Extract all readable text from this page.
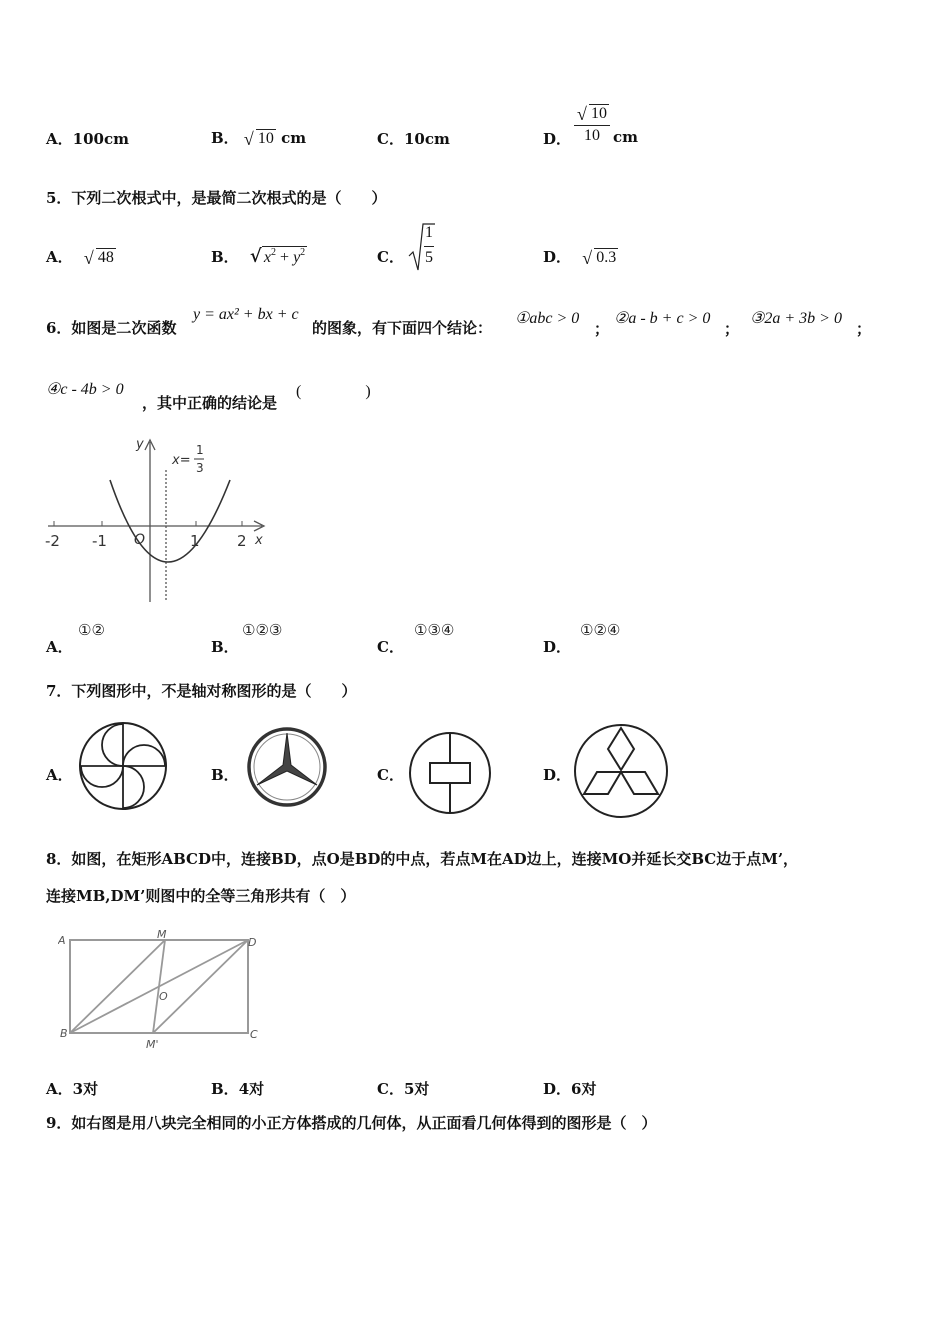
A．100cm	B． √ 10 cm	C．10cm	D．
√ 10
10 cm
5．下列二次根式中，是最简二次根式的是（　　）
A． √ 48	B． √ $x^2 + y^2$	C．
1
5	D． √ 0.3
6．如图是二次函数
y = ax² + bx + c
的图象，有下面四个结论：
①abc > 0
；
②a - b + c > 0
；
③2a + 3b > 0
；
④c - 4b > 0
，其中正确的结论是
(　　　　)
y
x
O
-2 -1	1 2
x=
1
3
A．
①②
B．
①②③
C．
①③④
D．
①②④
7．下列图形中，不是轴对称图形的是（　　）
A．	B．	C．	D．
8．如图，在矩形ABCD中，连接BD，点O是BD的中点，若点M在AD边上，连接MO并延长交BC边于点M’，
连接MB,DM’则图中的全等三角形共有（　）
A	M
D
O
B
M'
C
A．3对	B．4对	C．5对	D．6对
9．如右图是用八块完全相同的小正方体搭成的几何体，从正面看几何体得到的图形是（　）
